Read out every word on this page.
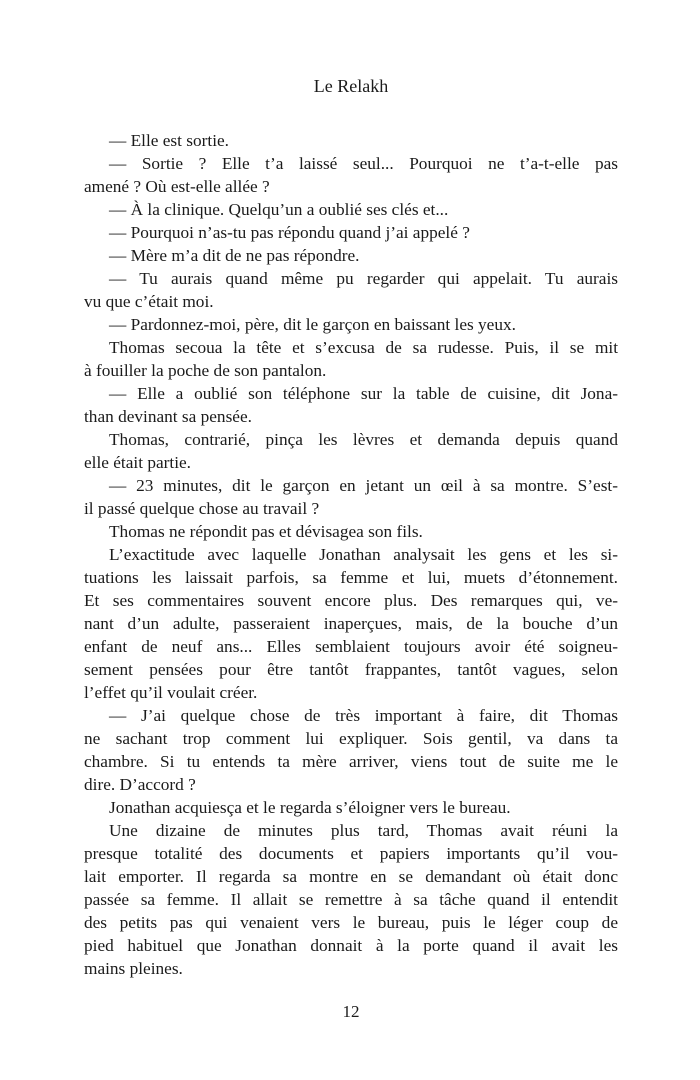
Le Relakh
— Elle est sortie.
— Sortie ? Elle t’a laissé seul... Pourquoi ne t’a-t-elle pas
amené ? Où est-elle allée ?
— À la clinique. Quelqu’un a oublié ses clés et...
— Pourquoi n’as-tu pas répondu quand j’ai appelé ?
— Mère m’a dit de ne pas répondre.
— Tu aurais quand même pu regarder qui appelait. Tu aurais
vu que c’était moi.
— Pardonnez-moi, père, dit le garçon en baissant les yeux.
Thomas secoua la tête et s’excusa de sa rudesse. Puis, il se mit
à fouiller la poche de son pantalon.
— Elle a oublié son téléphone sur la table de cuisine, dit Jona-
than devinant sa pensée.
Thomas, contrarié, pinça les lèvres et demanda depuis quand
elle était partie.
— 23 minutes, dit le garçon en jetant un œil à sa montre. S’est-
il passé quelque chose au travail ?
Thomas ne répondit pas et dévisagea son fils.
L’exactitude avec laquelle Jonathan analysait les gens et les si-
tuations les laissait parfois, sa femme et lui, muets d’étonnement.
Et ses commentaires souvent encore plus. Des remarques qui, ve-
nant d’un adulte, passeraient inaperçues, mais, de la bouche d’un
enfant de neuf ans... Elles semblaient toujours avoir été soigneu-
sement pensées pour être tantôt frappantes, tantôt vagues, selon
l’effet qu’il voulait créer.
— J’ai quelque chose de très important à faire, dit Thomas
ne sachant trop comment lui expliquer. Sois gentil, va dans ta
chambre. Si tu entends ta mère arriver, viens tout de suite me le
dire. D’accord ?
Jonathan acquiesça et le regarda s’éloigner vers le bureau.
Une dizaine de minutes plus tard, Thomas avait réuni la
presque totalité des documents et papiers importants qu’il vou-
lait emporter. Il regarda sa montre en se demandant où était donc
passée sa femme. Il allait se remettre à sa tâche quand il entendit
des petits pas qui venaient vers le bureau, puis le léger coup de
pied habituel que Jonathan donnait à la porte quand il avait les
mains pleines.
12
